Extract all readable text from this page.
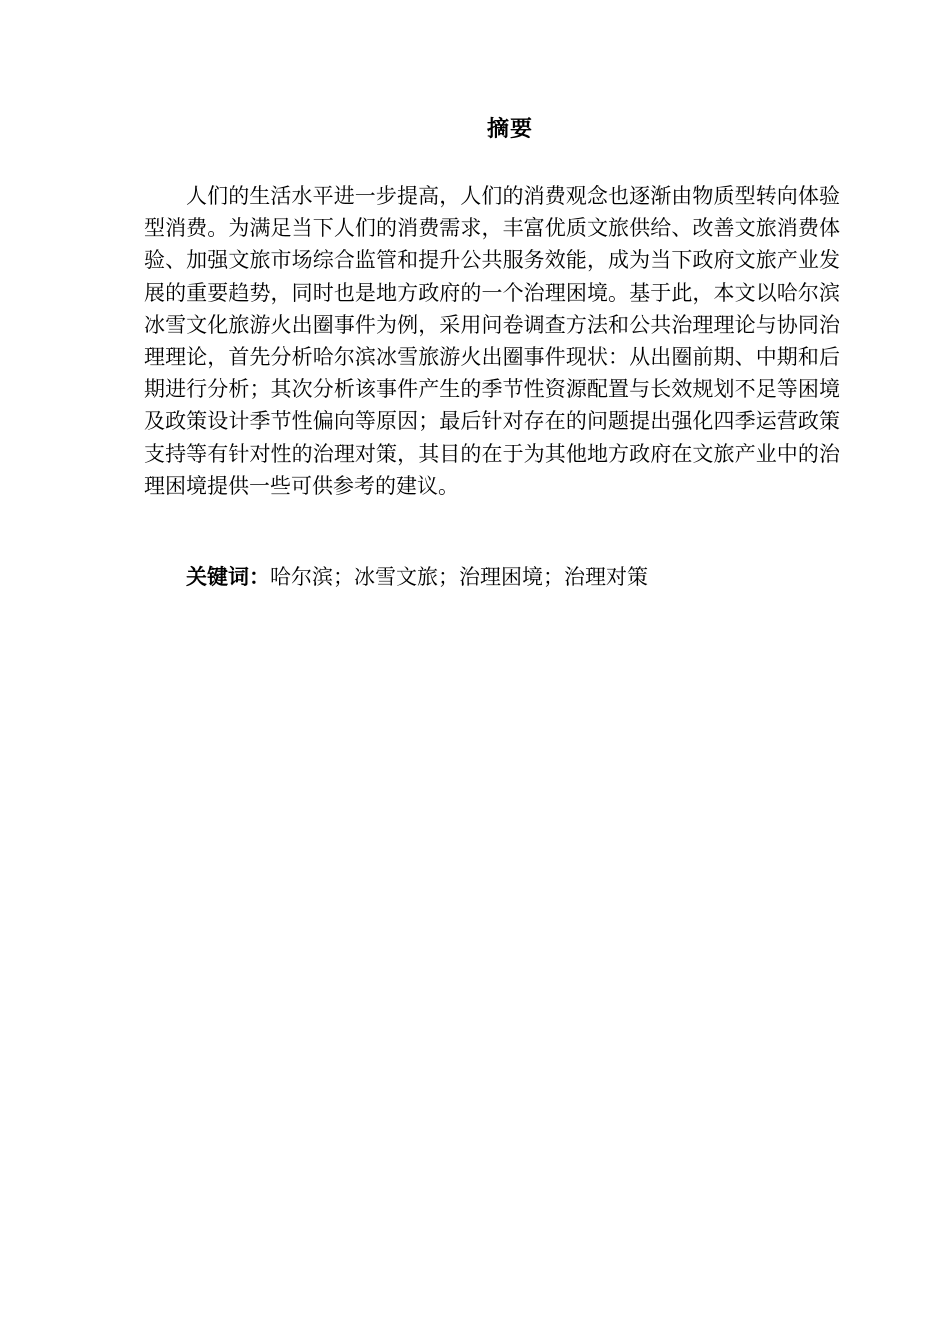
摘要

人们的生活水平进一步提高，人们的消费观念也逐渐由物质型转向体验型消费。为满足当下人们的消费需求，丰富优质文旅供给、改善文旅消费体验、加强文旅市场综合监管和提升公共服务效能，成为当下政府文旅产业发展的重要趋势，同时也是地方政府的一个治理困境。基于此，本文以哈尔滨冰雪文化旅游火出圈事件为例，采用问卷调查方法和公共治理理论与协同治理理论，首先分析哈尔滨冰雪旅游火出圈事件现状：从出圈前期、中期和后期进行分析；其次分析该事件产生的季节性资源配置与长效规划不足等困境及政策设计季节性偏向等原因；最后针对存在的问题提出强化四季运营政策支持等有针对性的治理对策，其目的在于为其他地方政府在文旅产业中的治理困境提供一些可供参考的建议。

关键词：哈尔滨；冰雪文旅；治理困境；治理对策
